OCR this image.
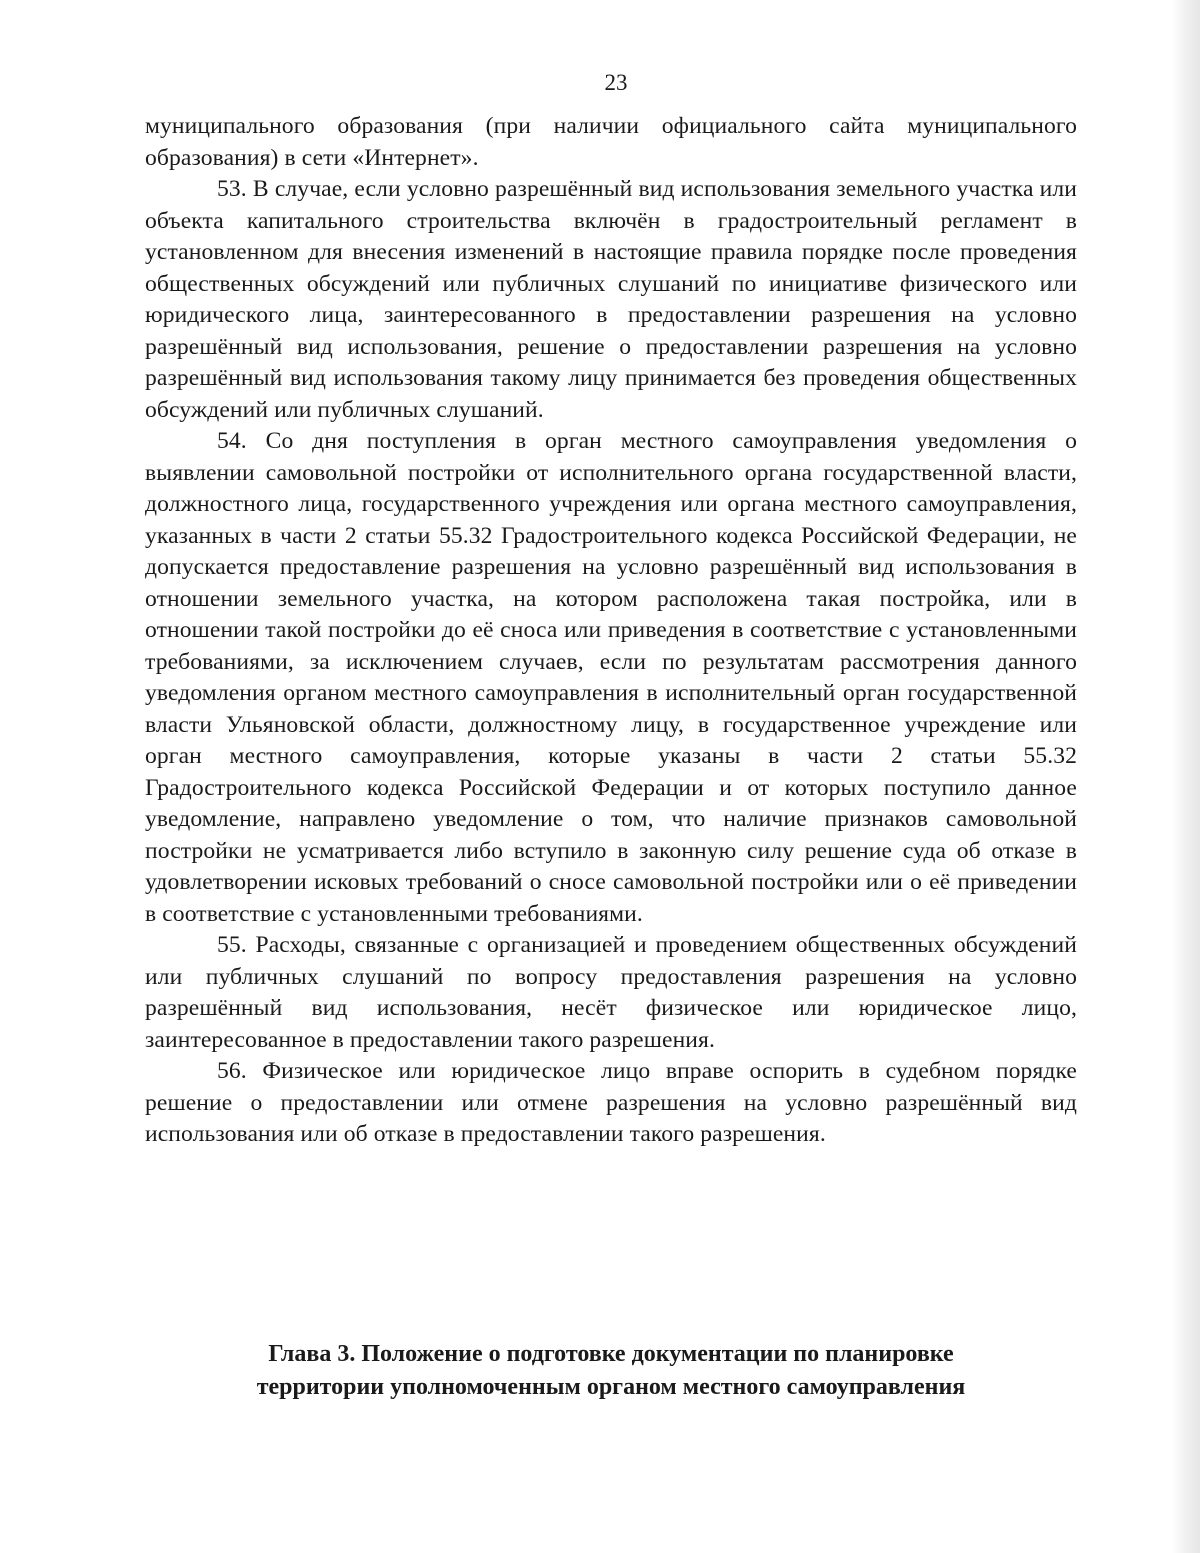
23

муниципального образования (при наличии официального сайта муниципального образования) в сети «Интернет».

53. В случае, если условно разрешённый вид использования земельного участка или объекта капитального строительства включён в градостроительный регламент в установленном для внесения изменений в настоящие правила порядке после проведения общественных обсуждений или публичных слушаний по инициативе физического или юридического лица, заинтересованного в предоставлении разрешения на условно разрешённый вид использования, решение о предоставлении разрешения на условно разрешённый вид использования такому лицу принимается без проведения общественных обсуждений или публичных слушаний.

54. Со дня поступления в орган местного самоуправления уведомления о выявлении самовольной постройки от исполнительного органа государственной власти, должностного лица, государственного учреждения или органа местного самоуправления, указанных в части 2 статьи 55.32 Градостроительного кодекса Российской Федерации, не допускается предоставление разрешения на условно разрешённый вид использования в отношении земельного участка, на котором расположена такая постройка, или в отношении такой постройки до её сноса или приведения в соответствие с установленными требованиями, за исключением случаев, если по результатам рассмотрения данного уведомления органом местного самоуправления в исполнительный орган государственной власти Ульяновской области, должностному лицу, в государственное учреждение или орган местного самоуправления, которые указаны в части 2 статьи 55.32 Градостроительного кодекса Российской Федерации и от которых поступило данное уведомление, направлено уведомление о том, что наличие признаков самовольной постройки не усматривается либо вступило в законную силу решение суда об отказе в удовлетворении исковых требований о сносе самовольной постройки или о её приведении в соответствие с установленными требованиями.

55. Расходы, связанные с организацией и проведением общественных обсуждений или публичных слушаний по вопросу предоставления разрешения на условно разрешённый вид использования, несёт физическое или юридическое лицо, заинтересованное в предоставлении такого разрешения.

56. Физическое или юридическое лицо вправе оспорить в судебном порядке решение о предоставлении или отмене разрешения на условно разрешённый вид использования или об отказе в предоставлении такого разрешения.

Глава 3. Положение о подготовке документации по планировке
территории уполномоченным органом местного самоуправления
